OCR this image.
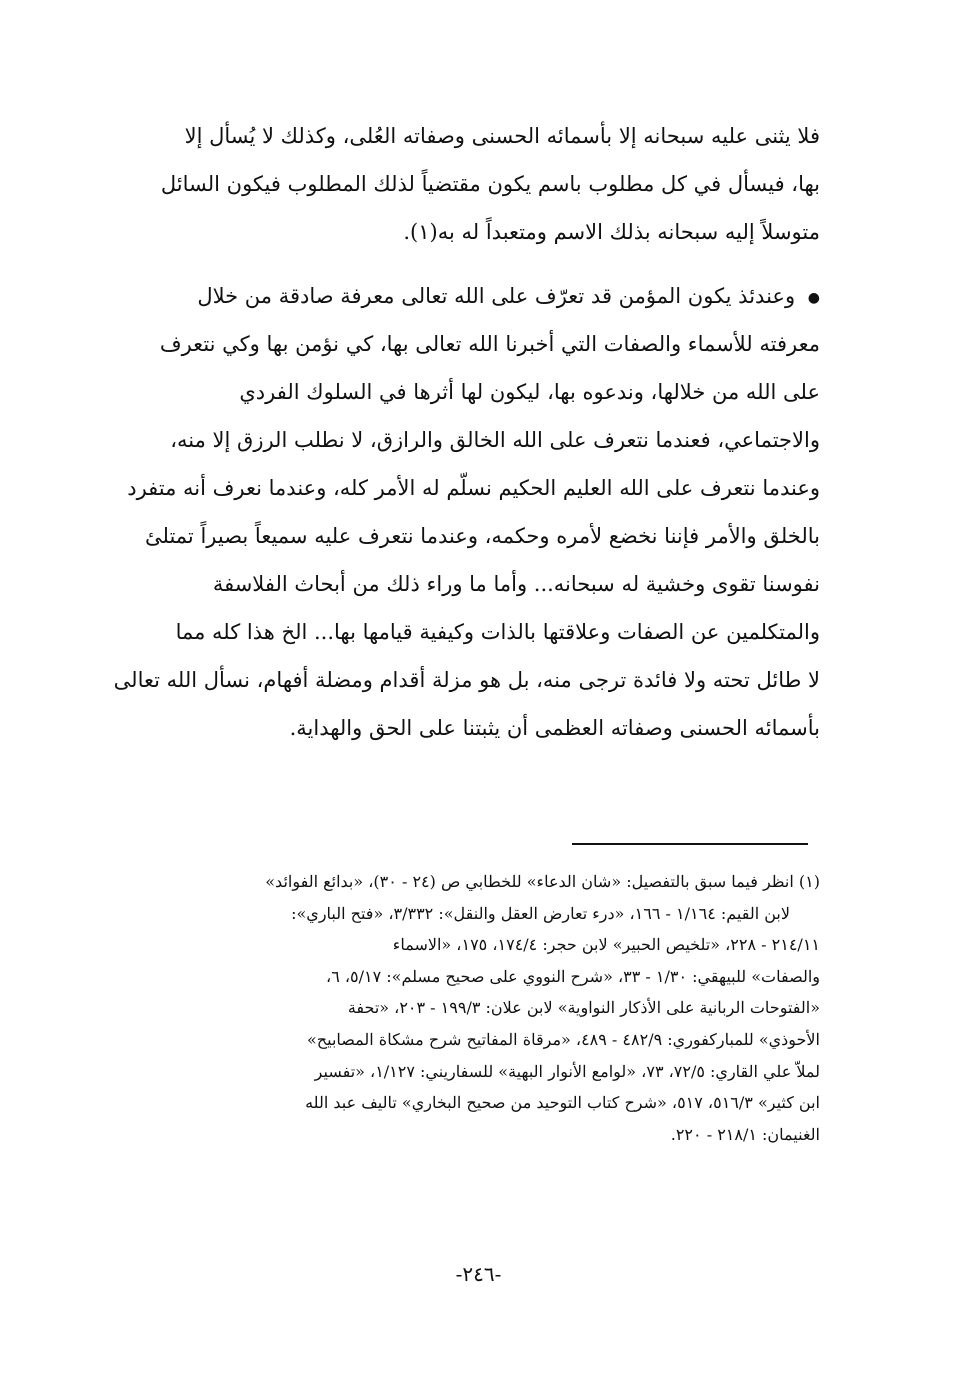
فلا يثنى عليه سبحانه إلا بأسمائه الحسنى وصفاته العُلى، وكذلك لا يُسأل إلا
بها، فيسأل في كل مطلوب باسم يكون مقتضياً لذلك المطلوب فيكون السائل
متوسلاً إليه سبحانه بذلك الاسم ومتعبداً له به(١).
● وعندئذ يكون المؤمن قد تعرّف على الله تعالى معرفة صادقة من خلال
معرفته للأسماء والصفات التي أخبرنا الله تعالى بها، كي نؤمن بها وكي نتعرف
على الله من خلالها، وندعوه بها، ليكون لها أثرها في السلوك الفردي
والاجتماعي، فعندما نتعرف على الله الخالق والرازق، لا نطلب الرزق إلا منه،
وعندما نتعرف على الله العليم الحكيم نسلّم له الأمر كله، وعندما نعرف أنه متفرد
بالخلق والأمر فإننا نخضع لأمره وحكمه، وعندما نتعرف عليه سميعاً بصيراً تمتلئ
نفوسنا تقوى وخشية له سبحانه... وأما ما وراء ذلك من أبحاث الفلاسفة
والمتكلمين عن الصفات وعلاقتها بالذات وكيفية قيامها بها... الخ هذا كله مما
لا طائل تحته ولا فائدة ترجى منه، بل هو مزلة أقدام ومضلة أفهام، نسأل الله تعالى
بأسمائه الحسنى وصفاته العظمى أن يثبتنا على الحق والهداية.
(١) انظر فيما سبق بالتفصيل: «شان الدعاء» للخطابي ص (٢٤ - ٣٠)، «بدائع الفوائد»
لابن القيم: ١/١٦٤ - ١٦٦، «درء تعارض العقل والنقل»: ٣/٣٣٢، «فتح الباري»:
٢١٤/١١ - ٢٢٨، «تلخيص الحبير» لابن حجر: ١٧٤/٤، ١٧٥، «الاسماء
والصفات» للبيهقي: ١/٣٠ - ٣٣، «شرح النووي على صحيح مسلم»: ٥/١٧، ٦،
«الفتوحات الربانية على الأذكار النواوية» لابن علان: ١٩٩/٣ - ٢٠٣، «تحفة
الأحوذي» للمباركفوري: ٤٨٢/٩ - ٤٨٩، «مرقاة المفاتيح شرح مشكاة المصابيح»
لملاّ علي القاري: ٧٢/٥، ٧٣، «لوامع الأنوار البهية» للسفاريني: ١/١٢٧، «تفسير
ابن كثير» ٥١٦/٣، ٥١٧، «شرح كتاب التوحيد من صحيح البخاري» تاليف عبد الله
الغنيمان: ٢١٨/١ - ٢٢٠.
-٢٤٦-
